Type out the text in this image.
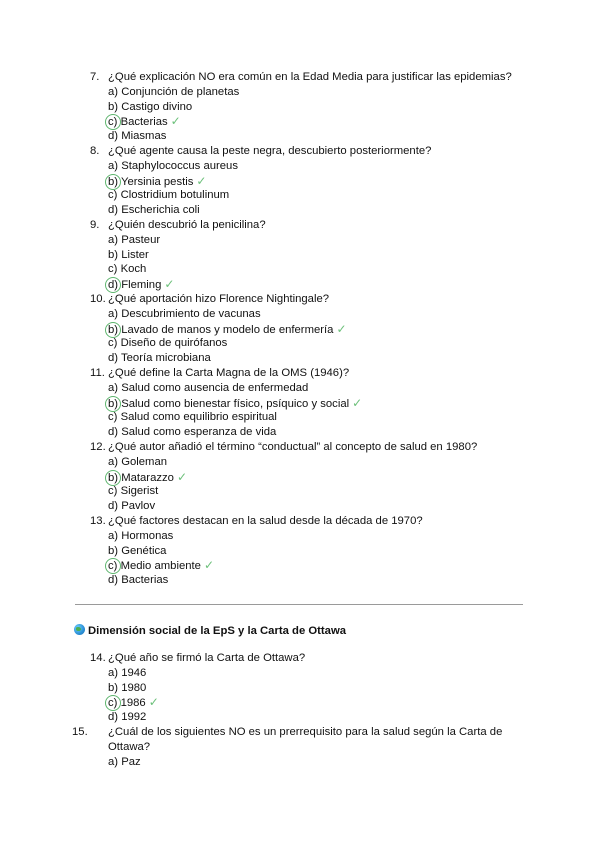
7. ¿Qué explicación NO era común en la Edad Media para justificar las epidemias?
a) Conjunción de planetas
b) Castigo divino
c) Bacterias ✓
d) Miasmas
8. ¿Qué agente causa la peste negra, descubierto posteriormente?
a) Staphylococcus aureus
b) Yersinia pestis ✓
c) Clostridium botulinum
d) Escherichia coli
9. ¿Quién descubrió la penicilina?
a) Pasteur
b) Lister
c) Koch
d) Fleming ✓
10. ¿Qué aportación hizo Florence Nightingale?
a) Descubrimiento de vacunas
b) Lavado de manos y modelo de enfermería ✓
c) Diseño de quirófanos
d) Teoría microbiana
11. ¿Qué define la Carta Magna de la OMS (1946)?
a) Salud como ausencia de enfermedad
b) Salud como bienestar físico, psíquico y social ✓
c) Salud como equilibrio espiritual
d) Salud como esperanza de vida
12. ¿Qué autor añadió el término “conductual” al concepto de salud en 1980?
a) Goleman
b) Matarazzo ✓
c) Sigerist
d) Pavlov
13. ¿Qué factores destacan en la salud desde la década de 1970?
a) Hormonas
b) Genética
c) Medio ambiente ✓
d) Bacterias
Dimensión social de la EpS y la Carta de Ottawa
14. ¿Qué año se firmó la Carta de Ottawa?
a) 1946
b) 1980
c) 1986 ✓
d) 1992
15. ¿Cuál de los siguientes NO es un prerrequisito para la salud según la Carta de Ottawa?
a) Paz
